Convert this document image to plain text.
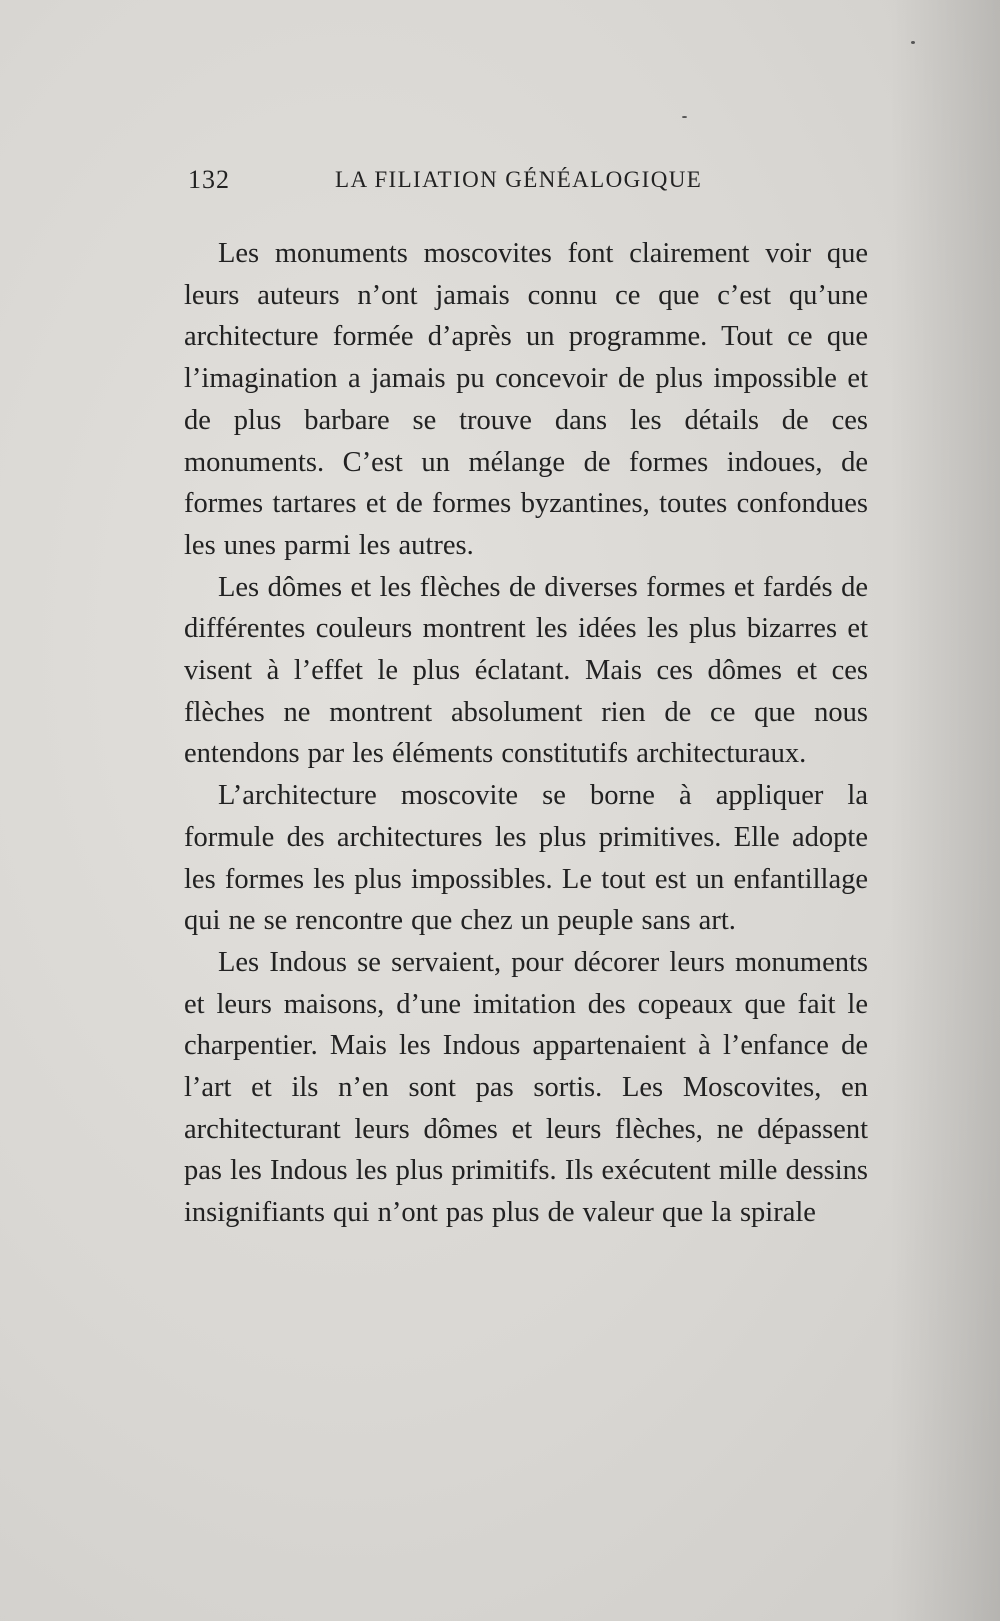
132	LA FILIATION GÉNÉALOGIQUE

Les monuments moscovites font clairement voir que leurs auteurs n’ont jamais connu ce que c’est qu’une architecture formée d’après un programme. Tout ce que l’imagination a jamais pu concevoir de plus impossible et de plus barbare se trouve dans les détails de ces monuments. C’est un mélange de formes indoues, de formes tartares et de formes byzantines, toutes confondues les unes parmi les autres.

Les dômes et les flèches de diverses formes et fardés de différentes couleurs montrent les idées les plus bizarres et visent à l’effet le plus éclatant. Mais ces dômes et ces flèches ne montrent absolument rien de ce que nous entendons par les éléments constitutifs architecturaux.

L’architecture moscovite se borne à appliquer la formule des architectures les plus primitives. Elle adopte les formes les plus impossibles. Le tout est un enfantillage qui ne se rencontre que chez un peuple sans art.

Les Indous se servaient, pour décorer leurs monuments et leurs maisons, d’une imitation des copeaux que fait le charpentier. Mais les Indous appartenaient à l’enfance de l’art et ils n’en sont pas sortis. Les Moscovites, en architecturant leurs dômes et leurs flèches, ne dépassent pas les Indous les plus primitifs. Ils exécutent mille dessins insignifiants qui n’ont pas plus de valeur que la spirale
